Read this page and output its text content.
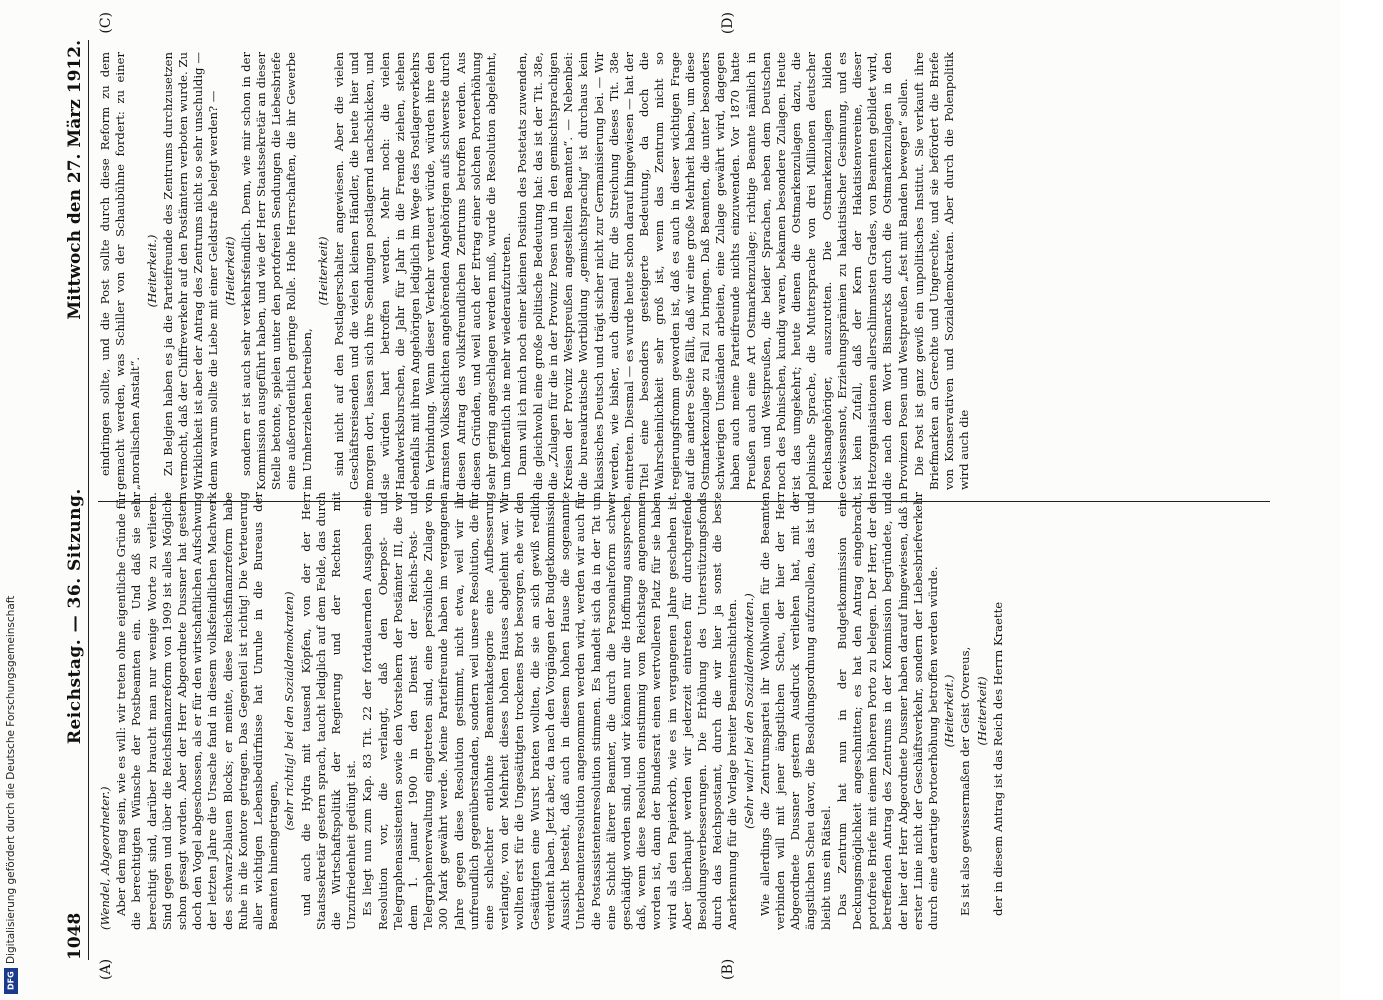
1048
Reichstag. — 36. Sitzung.
Mittwoch den 27. März 1912.
(A)	(B)
(C)	(D)

(Wendel, Abgeordneter.) Aber dem mag sein, wie es will: wir treten ohne eigentliche Gründe für die berechtigten Wünsche der Postbeamten ein. Und daß sie sehr berechtigt sind, darüber braucht man nur wenige Worte zu verlieren. Sind gegen und über die Reichsfinanzreform von 1909 ist alles Mögliche schon gesagt worden. Aber der Herr Abgeordnete Dussner hat gestern doch den Vogel abgeschossen, als er für den wirtschaftlichen Aufschwung der letzten Jahre die Ursache fand in diesem volksfeindlichen Machwerk des schwarz-blauen Blocks; er meinte, diese Reichsfinanzreform habe Ruhe in die Kontore getragen. Das Gegenteil ist richtig! Die Verteuerung aller wichtigen Lebensbedürfnisse hat Unruhe in die Bureaus der Beamten hineingetragen,

(sehr richtig! bei den Sozialdemokraten) und auch die Hydra mit tausend Köpfen, von der der Herr Staatssekretär gestern sprach, taucht lediglich auf dem Felde, das durch die Wirtschaftspolitik der Regierung und der Rechten mit Unzufriedenheit gedüngt ist. Es liegt nun zum Kap. 83 Tit. 22 der fortdauernden Ausgaben eine Resolution vor, die verlangt, daß den Oberpost- und Telegraphenassistenten sowie den Vorstehern der Postämter III, die vor dem 1. Januar 1900 in den Dienst der Reichs-Post- und Telegraphenverwaltung eingetreten sind, eine persönliche Zulage von 300 Mark gewährt werde. Meine Parteifreunde haben im vergangenen Jahre gegen diese Resolution gestimmt, nicht etwa, weil wir ihr unfreundlich gegenüberstanden, sondern weil unsere Resolution, die für eine schlechter entlohnte Beamtenkategorie eine Aufbesserung verlangte, von der Mehrheit dieses hohen Hauses abgelehnt war. Wir wollten erst für die Ungesättigten trockenes Brot besorgen, ehe wir den Gesättigten eine Wurst braten wollten, die sie an sich gewiß redlich verdient haben. Jetzt aber, da nach den Vorgängen der Budgetkommission Aussicht besteht, daß auch in diesem hohen Hause die sogenannte Unterbeamtenresolution angenommen werden wird, werden wir auch für die Postassistentenresolution stimmen. Es handelt sich da in der Tat um eine Schicht älterer Beamter, die durch die Personalreform schwer geschädigt worden sind, und wir können nur die Hoffnung aussprechen, daß, wenn diese Resolution einstimmig vom Reichstage angenommen worden ist, dann der Bundesrat einen wertvolleren Platz für sie haben wird als den Papierkorb, wie es im vergangenen Jahre geschehen ist. Aber überhaupt werden wir jederzeit eintreten für durchgreifende Besoldungsverbesserungen. Die Erhöhung des Unterstützungsfonds durch das Reichspostamt, durch die wir hier ja sonst die beste Anerkennung für die Vorlage breiter Beamtenschichten. (Sehr wahr! bei den Sozialdemokraten.) Wie allerdings die Zentrumspartei ihr Wohlwollen für die Beamten verbinden will mit jener ängstlichen Scheu, der hier der Herr Abgeordnete Dussner gestern Ausdruck verliehen hat, mit der ängstlichen Scheu davor, die Besoldungsordnung aufzurollen, das ist und bleibt uns ein Rätsel. Das Zentrum hat nun in der Budgetkommission eine Deckungsmöglichkeit angeschnitten; es hat den Antrag eingebracht, portofreie Briefe mit einem höheren Porto zu belegen. Der Herr, der den betreffenden Antrag des Zentrums in der Kommission begründete, und der hier der Herr Abgeordnete Dussner haben darauf hingewiesen, daß in erster Linie nicht der Geschäftsverkehr, sondern der Liebesbriefverkehr durch eine derartige Portoerhöhung betroffen werden würde. (Heiterkeit.) Es ist also gewissermaßen der Geist Overeus, (Heiterkeit) der in diesem Antrag ist das Reich des Herrn Kraette

eindringen sollte, und die Post sollte durch diese Reform zu dem gemacht werden, was Schiller von der Schaubühne fordert: zu einer „moralischen Anstalt“.

(Heiterkeit.) Zu Belgien haben es ja die Parteifreunde des Zentrums durchzusetzen vermocht, daß der Chiffreverkehr auf den Postämtern verboten wurde. Zu Wirklichkeit ist aber der Antrag des Zentrums nicht so sehr unschuldig — denn warum sollte die Liebe mit einer Geldstrafe belegt werden? — (Heiterkeit) sondern er ist auch sehr verkehrsfeindlich. Denn, wie mir schon in der Kommission ausgeführt haben, und wie der Herr Staatssekretär an dieser Stelle betonte, spielen unter den portofreien Sendungen die Liebesbriefe eine außerordentlich geringe Rolle. Hohe Herrschaften, die ihr Gewerbe im Umherziehen betreiben,

(Heiterkeit) sind nicht auf den Postlagerschalter angewiesen. Aber die vielen Geschäftsreisenden und die vielen kleinen Händler, die heute hier und morgen dort, lassen sich ihre Sendungen postlagernd nachschicken, und sie würden hart betroffen werden. Mehr noch: die vielen Handwerksburschen, die Jahr für Jahr in die Fremde ziehen, stehen ebenfalls mit ihren Angehörigen lediglich im Wege des Postlagerverkehrs in Verbindung. Wenn dieser Verkehr verteuert würde, würden ihre den ärmsten Volksschichten angehörenden Angehörigen aufs schwerste durch diesen Antrag des volksfreundlichen Zentrums betroffen werden. Aus diesen Gründen, und weil auch der Ertrag einer solchen Portoerhöhung sehr gering angeschlagen werden muß, wurde die Resolution abgelehnt, um hoffentlich nie mehr wiederaufzutreten. Dann will ich mich noch einer kleinen Position des Postetats zuwenden, die gleichwohl eine große politische Bedeutung hat: das ist der Tit. 38e, die „Zulagen für die in der Provinz Posen und in den gemischtsprachigen Kreisen der Provinz Westpreußen angestellten Beamten“. — Nebenbei: die bureaukratische Wortbildung „gemischtsprachig“ ist durchaus kein klassisches Deutsch und trägt sicher nicht zur Germanisierung bei. — Wir werden, wie bisher, auch diesmal für die Streichung dieses Tit. 38e eintreten. Diesmal — es wurde heute schon darauf hingewiesen — hat der Titel eine besonders gesteigerte Bedeutung, da doch die Wahrscheinlichkeit sehr groß ist, wenn das Zentrum nicht so regierungsfromm geworden ist, daß es auch in dieser wichtigen Frage auf die andere Seite fällt, daß wir eine große Mehrheit haben, um diese Ostmarkenzulage zu Fall zu bringen. Daß Beamten, die unter besonders schwierigen Umständen arbeiten, eine Zulage gewährt wird, dagegen haben auch meine Parteifreunde nichts einzuwenden. Vor 1870 hatte Preußen auch eine Art Ostmarkenzulage; richtige Beamte nämlich in Posen und Westpreußen, die beider Sprachen, neben dem Deutschen noch des Polnischen, kundig waren, bekamen besondere Zulagen. Heute ist das umgekehrt; heute dienen die Ostmarkenzulagen dazu, die polnische Sprache, die Muttersprache von drei Millionen deutscher Reichsangehöriger, auszurotten. Die Ostmarkenzulagen bilden Gewissensnot, Erziehungsprämien zu hakatistischer Gesinnung, und es ist kein Zufall, daß der Kern der Hakatistenvereine, dieser Hetzorganisationen allerschlimmsten Grades, von Beamten gebildet wird, die nach dem Wort Bismarcks durch die Ostmarkenzulagen in den Provinzen Posen und Westpreußen „fest mit Banden bewegen“ sollen. Die Post ist ganz gewiß ein unpolitisches Institut. Sie verkauft ihre Briefmarken an Gerechte und Ungerechte, und sie befördert die Briefe von Konservativen und Sozialdemokraten. Aber durch die Polenpolitik wird auch die

Digitalisierung gefördert durch die Deutsche Forschungsgemeinschaft
DFG
